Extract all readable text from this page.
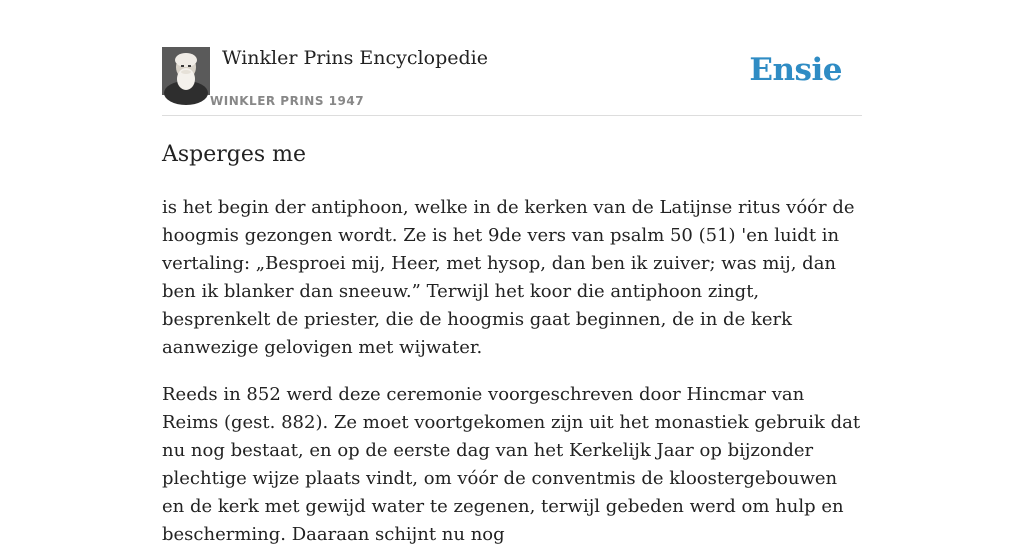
Winkler Prins Encyclopedie
WINKLER PRINS 1947
Ensie
Asperges me

is het begin der antiphoon, welke in de kerken van de Latijnse ritus vóór de hoogmis gezongen wordt. Ze is het 9de vers van psalm 50 (51) 'en luidt in vertaling: „Besproei mij, Heer, met hysop, dan ben ik zuiver; was mij, dan ben ik blanker dan sneeuw.” Terwijl het koor die antiphoon zingt, besprenkelt de priester, die de hoogmis gaat beginnen, de in de kerk aanwezige gelovigen met wijwater.

Reeds in 852 werd deze ceremonie voorgeschreven door Hincmar van Reims (gest. 882). Ze moet voortgekomen zijn uit het monastiek gebruik dat nu nog bestaat, en op de eerste dag van het Kerkelijk Jaar op bijzonder plechtige wijze plaats vindt, om vóór de conventmis de kloostergebouwen en de kerk met gewijd water te zegenen, terwijl gebeden werd om hulp en bescherming. Daaraan schijnt nu nog
